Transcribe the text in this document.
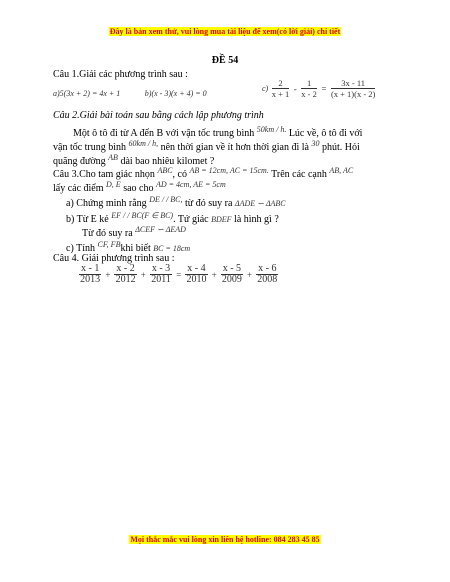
Đây là bản xem thử, vui lòng mua tài liệu để xem(có lời giải) chi tiết
ĐỀ 54
Câu 1.Giải các phương trình sau :
a)5(3x + 2) = 4x + 1	b)(x - 3)(x + 4) = 0
$c) \frac{2}{x + 1} - \frac{1}{x - 2} = \frac{3x - 11}{(x + 1)(x - 2)}$
Câu 2.Giải bài toán sau bằng cách lập phương trình
Một ô tô đi từ A đến B với vận tốc trung bình $^{50km / h.}$ Lúc về, ô tô đi với
vận tốc trung bình $^{60km / h,}$ nên thời gian về ít hơn thời gian đi là $^{30}$ phút. Hỏi
quãng đường $^{AB}$ dài bao nhiêu kilomet ?
Câu 3.Cho tam giác nhọn $^{ABC}$, có $^{AB = 12cm, AC = 15cm.}$ Trên các cạnh $^{AB, AC}$
lấy các điểm $^{D, E}$ sao cho $^{AD = 4cm, AE = 5cm}$
a) Chứng minh rằng $^{DE / / BC,}$ từ đó suy ra ΔADE ∽ ΔABC
b) Từ E kẻ $^{EF / / BC(F \in BC)}$. Tứ giác BDEF là hình gì ?
Từ đó suy ra $^{\Delta CEF ∽ \Delta EAD}$
c) Tính $^{CF, FB}$khi biết BC = 18cm
Câu 4. Giải phương trình sau :
$\frac{x - 1}{2013} + \frac{x - 2}{2012} + \frac{x - 3}{2011} = \frac{x - 4}{2010} + \frac{x - 5}{2009} + \frac{x - 6}{2008}$
Mọi thắc mắc vui lòng xin liên hệ hotline: 084 283 45 85
